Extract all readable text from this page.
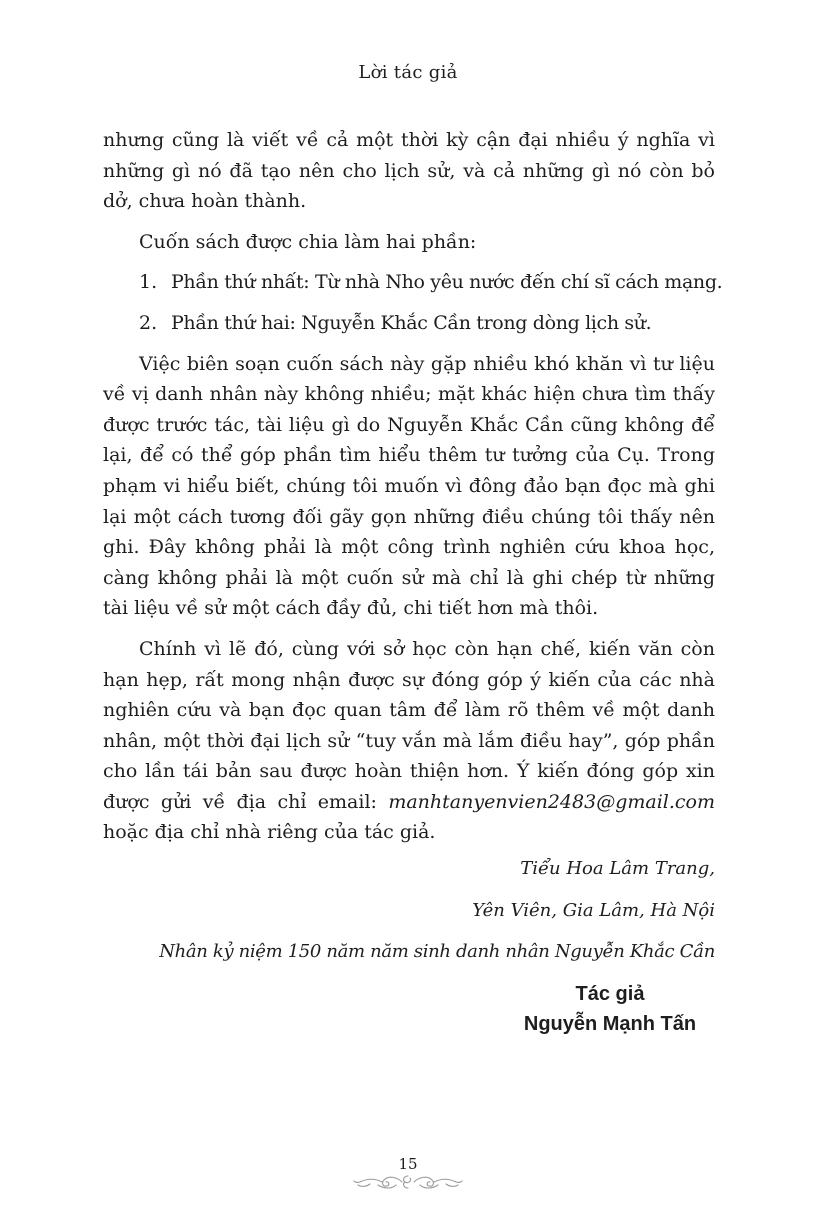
Lời tác giả

nhưng cũng là viết về cả một thời kỳ cận đại nhiều ý nghĩa vì những gì nó đã tạo nên cho lịch sử, và cả những gì nó còn bỏ dở, chưa hoàn thành.

Cuốn sách được chia làm hai phần:

1. Phần thứ nhất: Từ nhà Nho yêu nước đến chí sĩ cách mạng.
2. Phần thứ hai: Nguyễn Khắc Cần trong dòng lịch sử.

Việc biên soạn cuốn sách này gặp nhiều khó khăn vì tư liệu về vị danh nhân này không nhiều; mặt khác hiện chưa tìm thấy được trước tác, tài liệu gì do Nguyễn Khắc Cần cũng không để lại, để có thể góp phần tìm hiểu thêm tư tưởng của Cụ. Trong phạm vi hiểu biết, chúng tôi muốn vì đông đảo bạn đọc mà ghi lại một cách tương đối gãy gọn những điều chúng tôi thấy nên ghi. Đây không phải là một công trình nghiên cứu khoa học, càng không phải là một cuốn sử mà chỉ là ghi chép từ những tài liệu về sử một cách đầy đủ, chi tiết hơn mà thôi.

Chính vì lẽ đó, cùng với sở học còn hạn chế, kiến văn còn hạn hẹp, rất mong nhận được sự đóng góp ý kiến của các nhà nghiên cứu và bạn đọc quan tâm để làm rõ thêm về một danh nhân, một thời đại lịch sử “tuy vắn mà lắm điều hay”, góp phần cho lần tái bản sau được hoàn thiện hơn. Ý kiến đóng góp xin được gửi về địa chỉ email: manhtanyenvien2483@gmail.com hoặc địa chỉ nhà riêng của tác giả.

Tiểu Hoa Lâm Trang,
Yên Viên, Gia Lâm, Hà Nội
Nhân kỷ niệm 150 năm năm sinh danh nhân Nguyễn Khắc Cần
Tác giả
Nguyễn Mạnh Tấn
15
